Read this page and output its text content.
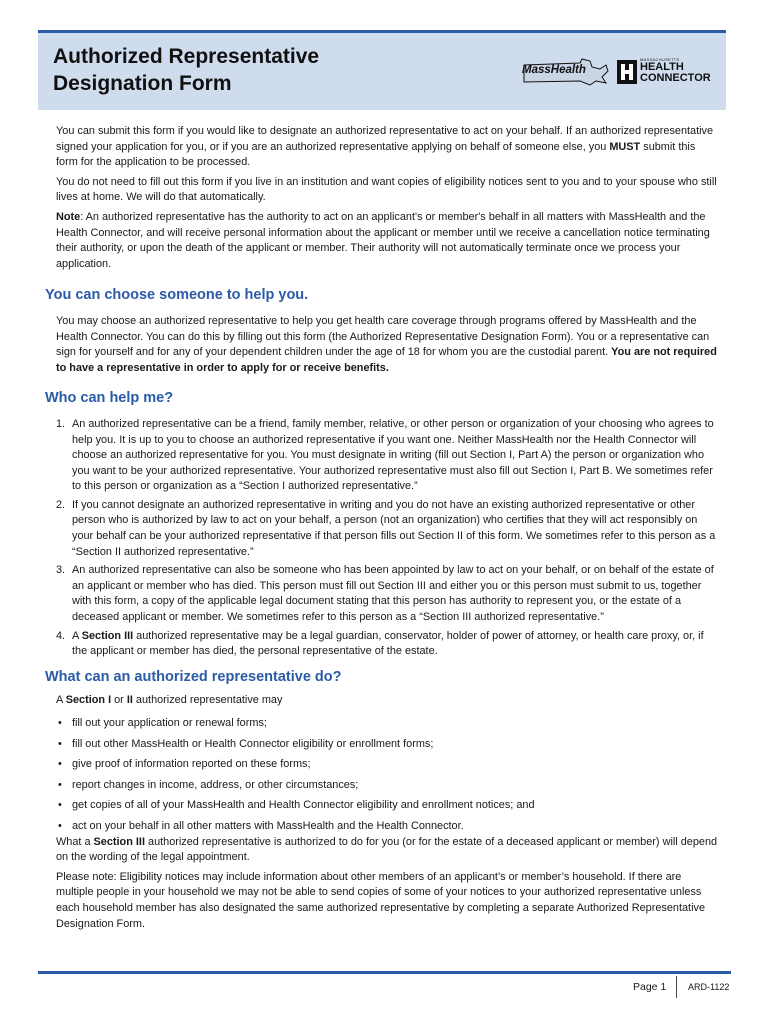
Authorized Representative
Designation Form
MassHealth
MASSACHUSETTS
HEALTH
CONNECTOR

You can submit this form if you would like to designate an authorized representative to act on your behalf. If an authorized representative signed your application for you, or if you are an authorized representative applying on behalf of someone else, you MUST submit this form for the application to be processed.

You do not need to fill out this form if you live in an institution and want copies of eligibility notices sent to you and to your spouse who still lives at home. We will do that automatically.

Note: An authorized representative has the authority to act on an applicant's or member's behalf in all matters with MassHealth and the Health Connector, and will receive personal information about the applicant or member until we receive a cancellation notice terminating their authority, or upon the death of the applicant or member. Their authority will not automatically terminate once we process your application.

You can choose someone to help you.

You may choose an authorized representative to help you get health care coverage through programs offered by MassHealth and the Health Connector. You can do this by filling out this form (the Authorized Representative Designation Form). You or a representative can sign for yourself and for any of your dependent children under the age of 18 for whom you are the custodial parent. You are not required to have a representative in order to apply for or receive benefits.

Who can help me?
1. An authorized representative can be a friend, family member, relative, or other person or organization of your choosing who agrees to help you. It is up to you to choose an authorized representative if you want one. Neither MassHealth nor the Health Connector will choose an authorized representative for you. You must designate in writing (fill out Section I, Part A) the person or organization who you want to be your authorized representative. Your authorized representative must also fill out Section I, Part B. We sometimes refer to this person or organization as a “Section I authorized representative.”
2. If you cannot designate an authorized representative in writing and you do not have an existing authorized representative or other person who is authorized by law to act on your behalf, a person (not an organization) who certifies that they will act responsibly on your behalf can be your authorized representative if that person fills out Section II of this form. We sometimes refer to this person as a “Section II authorized representative.”
3. An authorized representative can also be someone who has been appointed by law to act on your behalf, or on behalf of the estate of an applicant or member who has died. This person must fill out Section III and either you or this person must submit to us, together with this form, a copy of the applicable legal document stating that this person has authority to represent you, or the estate of a deceased applicant or member. We sometimes refer to this person as a “Section III authorized representative.”
4. A Section III authorized representative may be a legal guardian, conservator, holder of power of attorney, or health care proxy, or, if the applicant or member has died, the personal representative of the estate.
What can an authorized representative do?

A Section I or II authorized representative may

• fill out your application or renewal forms;
• fill out other MassHealth or Health Connector eligibility or enrollment forms;
• give proof of information reported on these forms;
• report changes in income, address, or other circumstances;
• get copies of all of your MassHealth and Health Connector eligibility and enrollment notices; and
• act on your behalf in all other matters with MassHealth and the Health Connector.

What a Section III authorized representative is authorized to do for you (or for the estate of a deceased applicant or member) will depend on the wording of the legal appointment.

Please note: Eligibility notices may include information about other members of an applicant’s or member’s household. If there are multiple people in your household we may not be able to send copies of some of your notices to your authorized representative unless each household member has also designated the same authorized representative by completing a separate Authorized Representative Designation Form.

Page 1 ARD-1122
